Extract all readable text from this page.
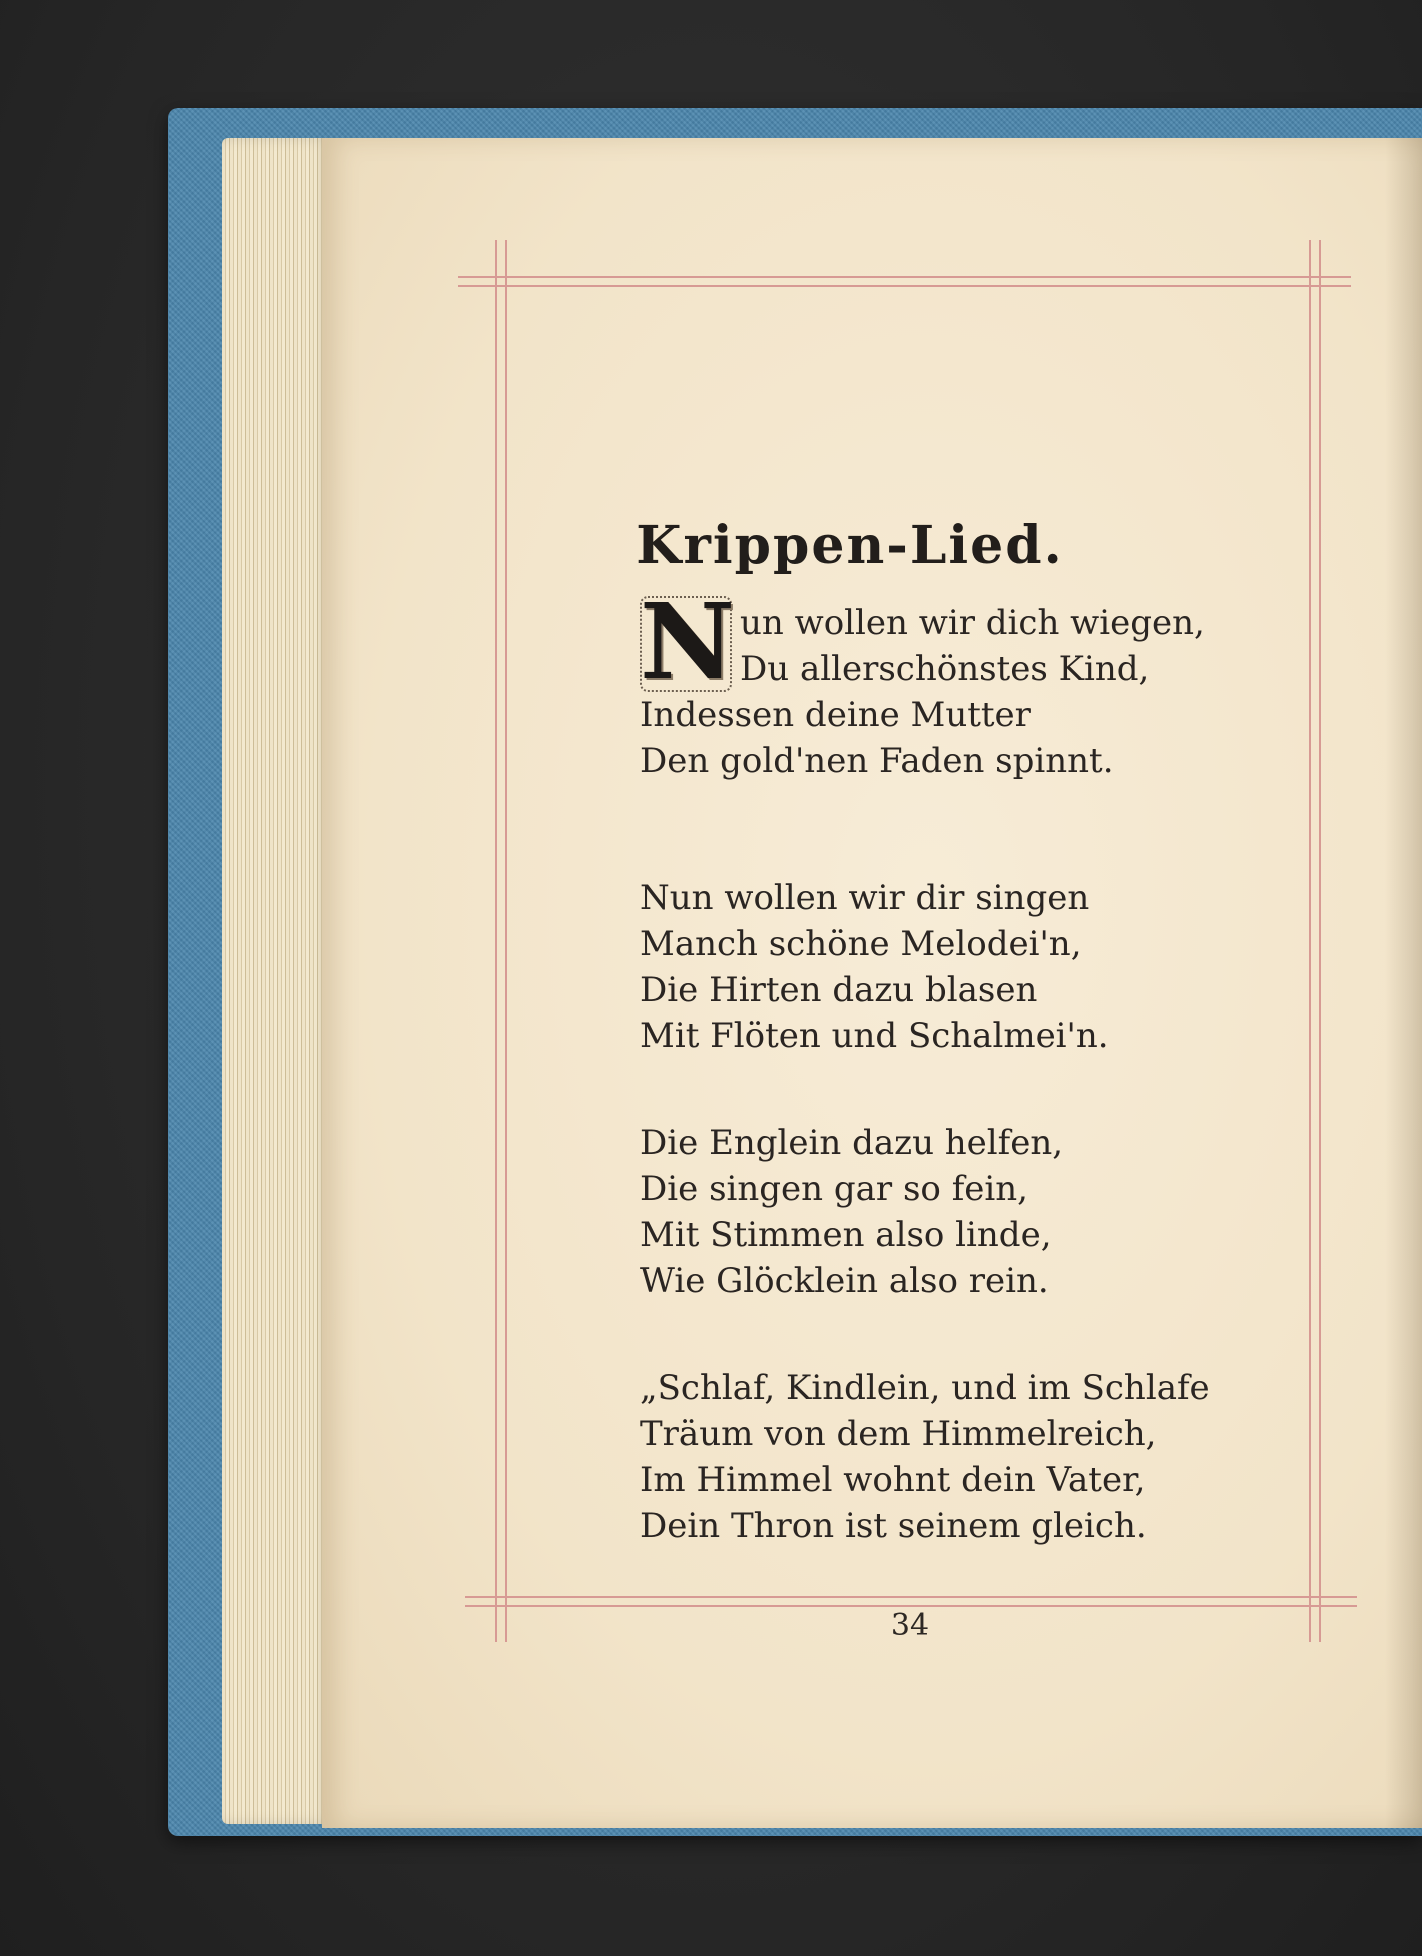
Krippen-Lied.
N un wollen wir dich wiegen,
Du allerschönstes Kind,
Indessen deine Mutter
Den gold'nen Faden spinnt.
Nun wollen wir dir singen
Manch schöne Melodei'n,
Die Hirten dazu blasen
Mit Flöten und Schalmei'n.
Die Englein dazu helfen,
Die singen gar so fein,
Mit Stimmen also linde,
Wie Glöcklein also rein.
„Schlaf, Kindlein, und im Schlafe
Träum von dem Himmelreich,
Im Himmel wohnt dein Vater,
Dein Thron ist seinem gleich.
34
